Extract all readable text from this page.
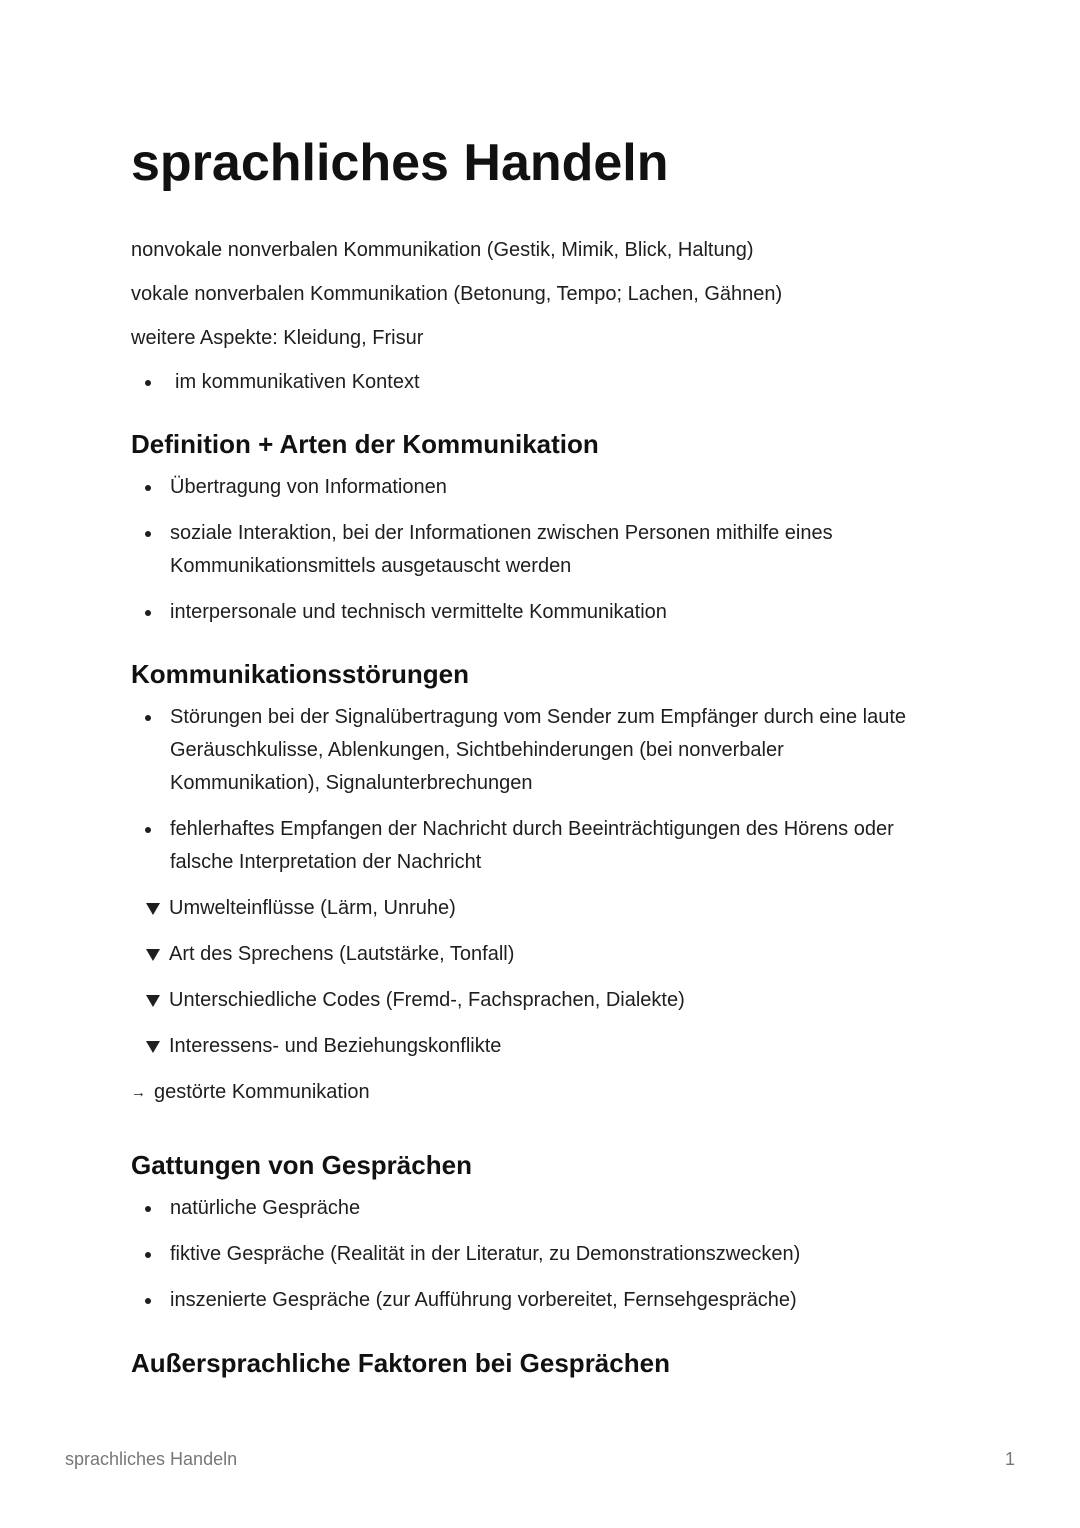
sprachliches Handeln

nonvokale nonverbalen Kommunikation (Gestik, Mimik, Blick, Haltung)

vokale nonverbalen Kommunikation (Betonung, Tempo; Lachen, Gähnen)

weitere Aspekte: Kleidung, Frisur

im kommunikativen Kontext
Definition + Arten der Kommunikation
Übertragung von Informationen
soziale Interaktion, bei der Informationen zwischen Personen mithilfe eines Kommunikationsmittels ausgetauscht werden
interpersonale und technisch vermittelte Kommunikation
Kommunikationsstörungen
Störungen bei der Signalübertragung vom Sender zum Empfänger durch eine laute Geräuschkulisse, Ablenkungen, Sichtbehinderungen (bei nonverbaler Kommunikation), Signalunterbrechungen
fehlerhaftes Empfangen der Nachricht durch Beeinträchtigungen des Hörens oder falsche Interpretation der Nachricht
Umwelteinflüsse (Lärm, Unruhe)
Art des Sprechens (Lautstärke, Tonfall)
Unterschiedliche Codes (Fremd-, Fachsprachen, Dialekte)
Interessens- und Beziehungskonflikte

→ gestörte Kommunikation

Gattungen von Gesprächen
natürliche Gespräche
fiktive Gespräche (Realität in der Literatur, zu Demonstrationszwecken)
inszenierte Gespräche (zur Aufführung vorbereitet, Fernsehgespräche)
Außersprachliche Faktoren bei Gesprächen
sprachliches Handeln	1
